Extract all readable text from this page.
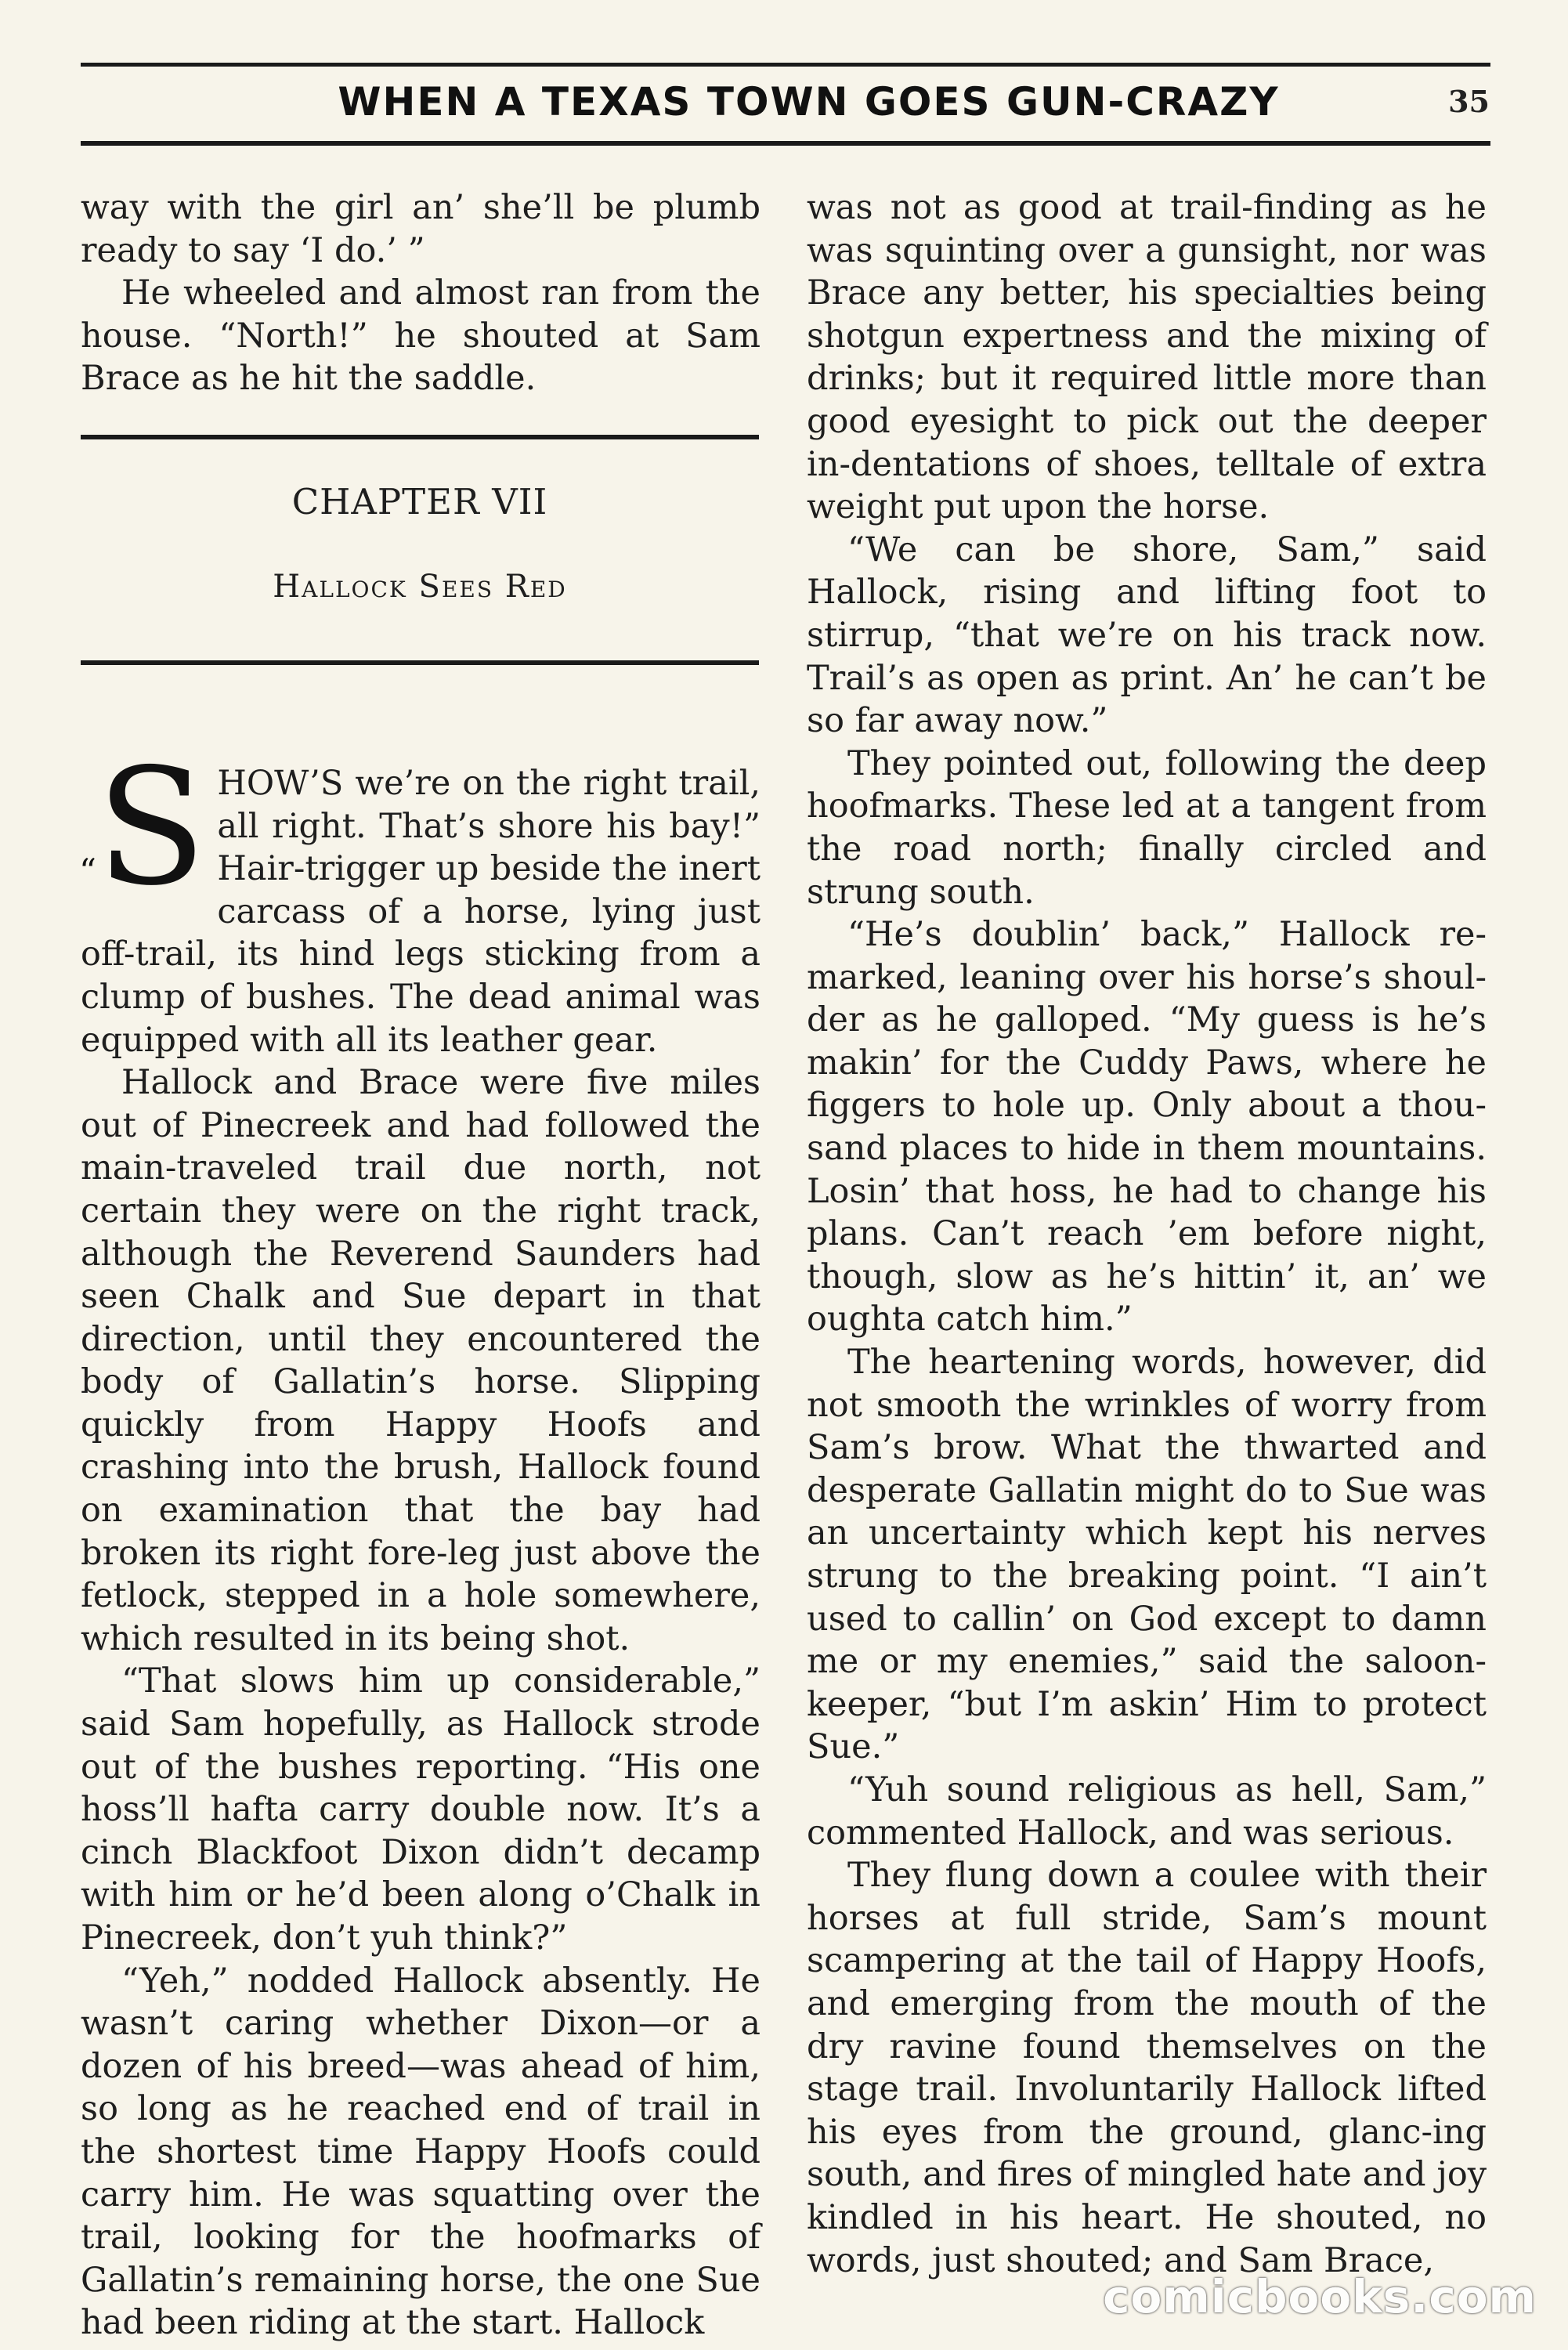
WHEN A TEXAS TOWN GOES GUN-CRAZY	35

way with the girl an’ she’ll be plumb ready to say ‘I do.’ ”

He wheeled and almost ran from the house. “North!” he shouted at Sam Brace as he hit the saddle.

CHAPTER VII
Hallock Sees Red

“S HOW’S we’re on the right trail, all right. That’s shore his bay!” Hair-trigger up beside the inert carcass of a horse, lying just off-trail, its hind legs sticking from a clump of bushes. The dead animal was equipped with all its leather gear.

Hallock and Brace were five miles out of Pinecreek and had followed the main-traveled trail due north, not certain they were on the right track, although the Reverend Saunders had seen Chalk and Sue depart in that direction, until they encountered the body of Gallatin’s horse. Slipping quickly from Happy Hoofs and crashing into the brush, Hallock found on examination that the bay had broken its right fore-leg just above the fetlock, stepped in a hole somewhere, which resulted in its being shot.

“That slows him up considerable,” said Sam hopefully, as Hallock strode out of the bushes reporting. “His one hoss’ll hafta carry double now. It’s a cinch Blackfoot Dixon didn’t decamp with him or he’d been along o’Chalk in Pinecreek, don’t yuh think?”

“Yeh,” nodded Hallock absently. He wasn’t caring whether Dixon—or a dozen of his breed—was ahead of him, so long as he reached end of trail in the shortest time Happy Hoofs could carry him. He was squatting over the trail, looking for the hoofmarks of Gallatin’s remaining horse, the one Sue had been riding at the start. Hallock

was not as good at trail-finding as he was squinting over a gunsight, nor was Brace any better, his specialties being shotgun expertness and the mixing of drinks; but it required little more than good eyesight to pick out the deeper in-dentations of shoes, telltale of extra weight put upon the horse.

“We can be shore, Sam,” said Hallock, rising and lifting foot to stirrup, “that we’re on his track now. Trail’s as open as print. An’ he can’t be so far away now.”

They pointed out, following the deep hoofmarks. These led at a tangent from the road north; finally circled and strung south.

“He’s doublin’ back,” Hallock re-marked, leaning over his horse’s shoul-der as he galloped. “My guess is he’s makin’ for the Cuddy Paws, where he figgers to hole up. Only about a thou-sand places to hide in them mountains. Losin’ that hoss, he had to change his plans. Can’t reach ’em before night, though, slow as he’s hittin’ it, an’ we oughta catch him.”

The heartening words, however, did not smooth the wrinkles of worry from Sam’s brow. What the thwarted and desperate Gallatin might do to Sue was an uncertainty which kept his nerves strung to the breaking point. “I ain’t used to callin’ on God except to damn me or my enemies,” said the saloon-keeper, “but I’m askin’ Him to protect Sue.”

“Yuh sound religious as hell, Sam,” commented Hallock, and was serious.

They flung down a coulee with their horses at full stride, Sam’s mount scampering at the tail of Happy Hoofs, and emerging from the mouth of the dry ravine found themselves on the stage trail. Involuntarily Hallock lifted his eyes from the ground, glanc-ing south, and fires of mingled hate and joy kindled in his heart. He shouted, no words, just shouted; and Sam Brace,

comicbooks.com
